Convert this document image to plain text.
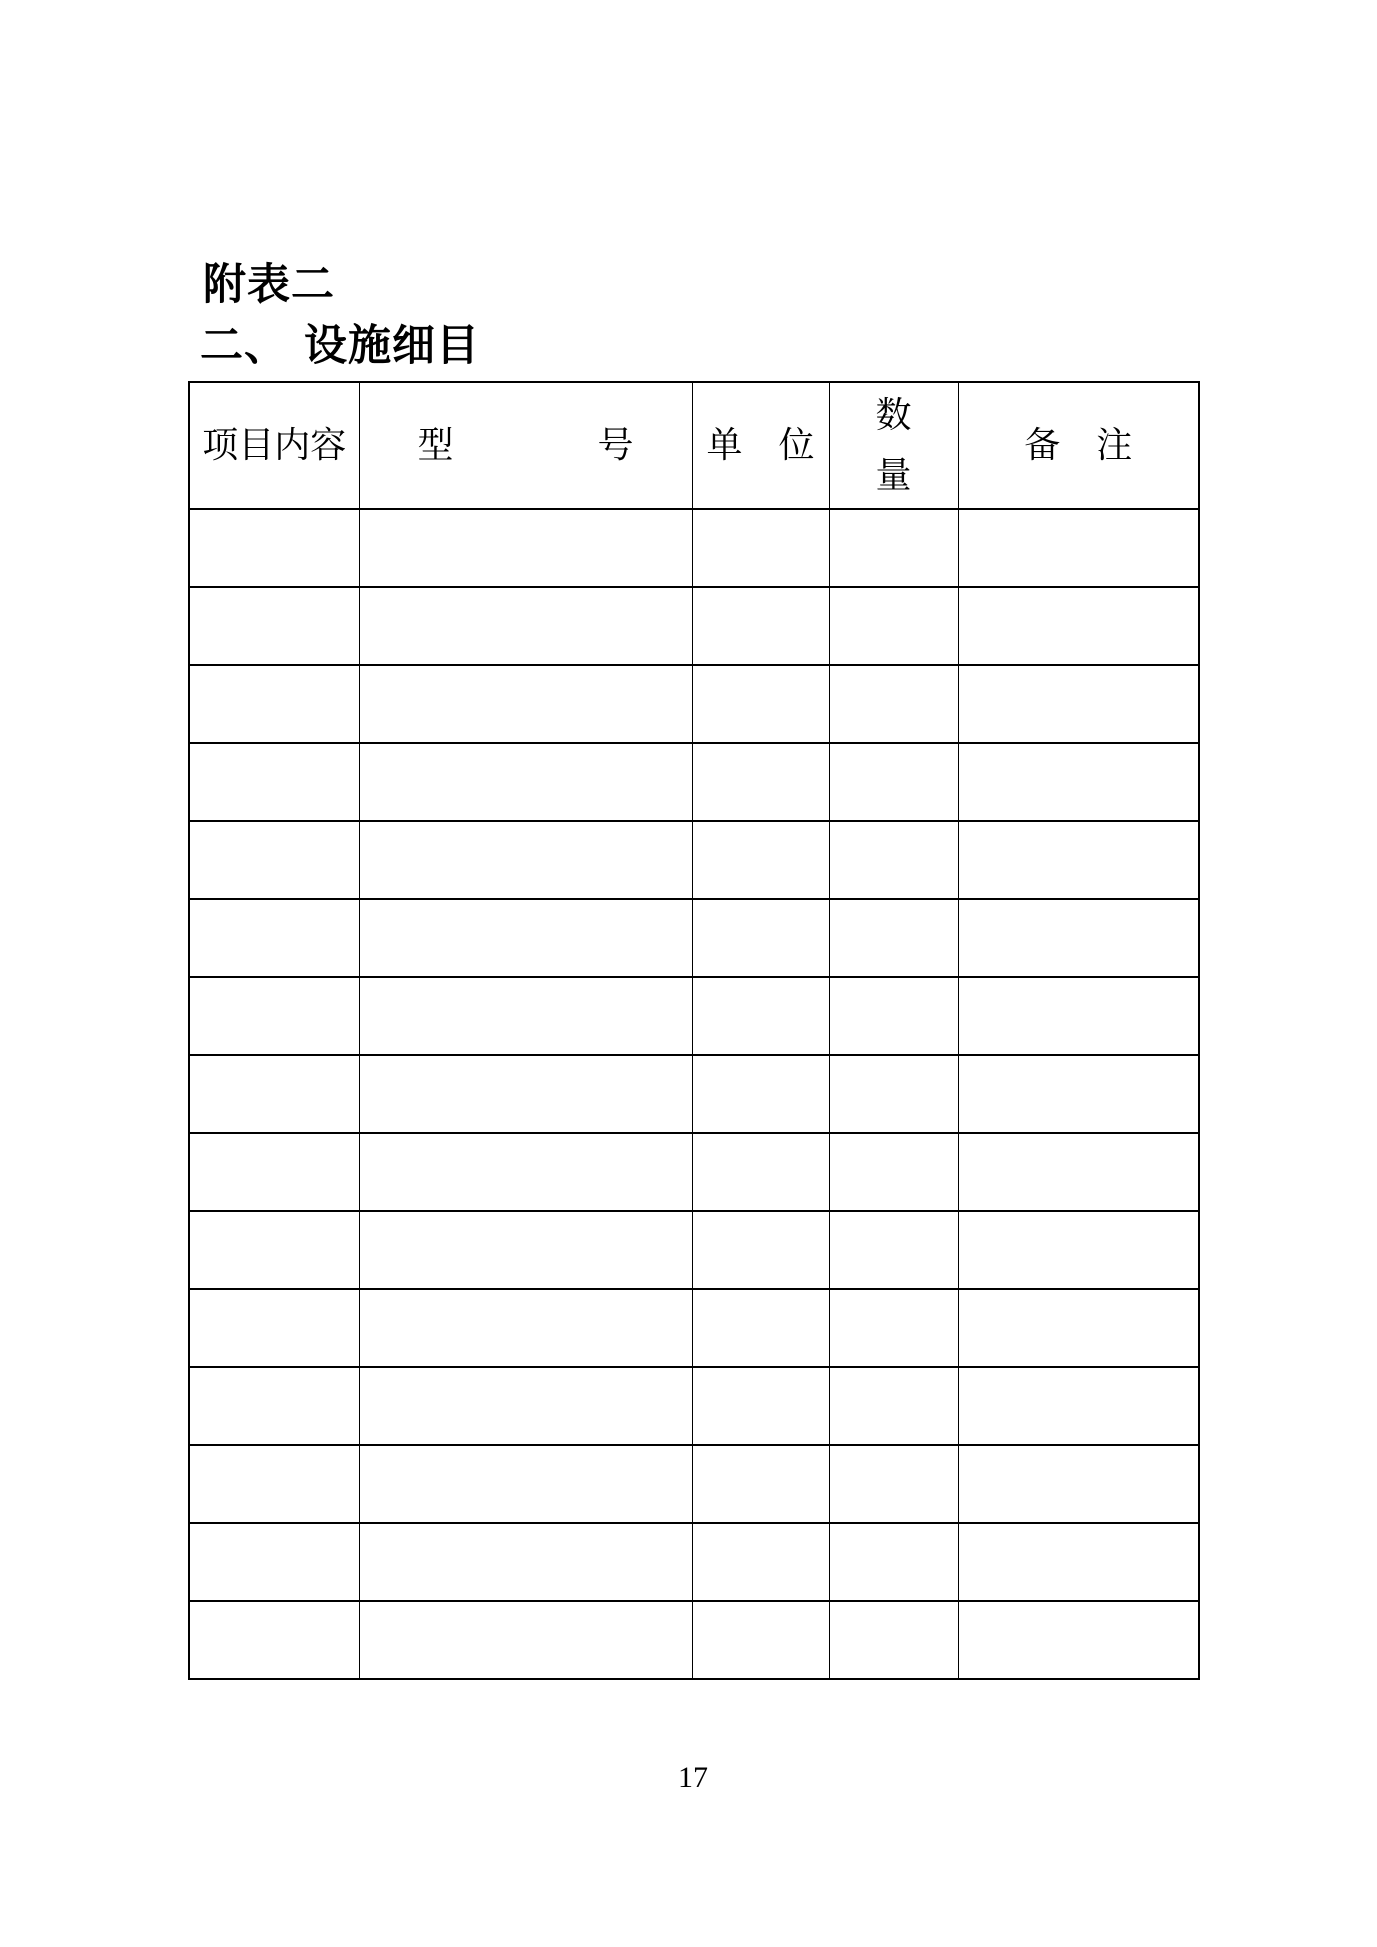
附表二
二、 设施细目
项目内容	型　　　　号	单　位	数量	备　注

17
